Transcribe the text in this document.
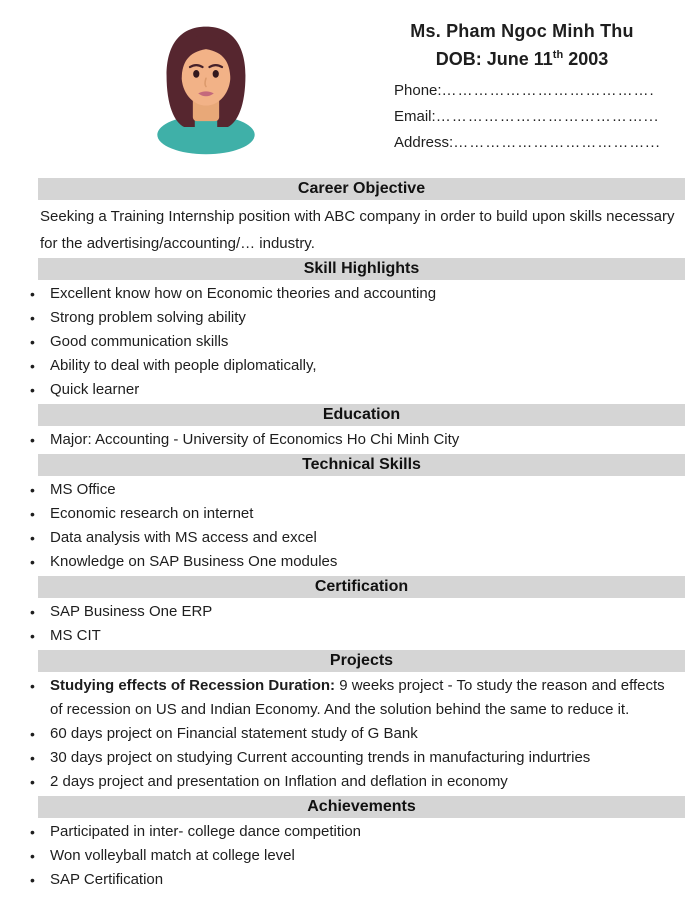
Ms. Pham Ngoc Minh Thu
DOB: June 11th 2003
Phone:………………………………….
Email:…………………………………...
Address:………………………………...
Career Objective
Seeking a Training Internship position with ABC company in order to build upon skills necessary
for the advertising/accounting/… industry.
Skill Highlights
• Excellent know how on Economic theories and accounting
• Strong problem solving ability
• Good communication skills
• Ability to deal with people diplomatically,
• Quick learner
Education
• Major: Accounting - University of Economics Ho Chi Minh City
Technical Skills
• MS Office
• Economic research on internet
• Data analysis with MS access and excel
• Knowledge on SAP Business One modules
Certification
• SAP Business One ERP
• MS CIT
Projects
• Studying effects of Recession Duration: 9 weeks project - To study the reason and effects of recession on US and Indian Economy. And the solution behind the same to reduce it.
• 60 days project on Financial statement study of G Bank
• 30 days project on studying Current accounting trends in manufacturing indurtries
• 2 days project and presentation on Inflation and deflation in economy
Achievements
• Participated in inter- college dance competition
• Won volleyball match at college level
• SAP Certification
